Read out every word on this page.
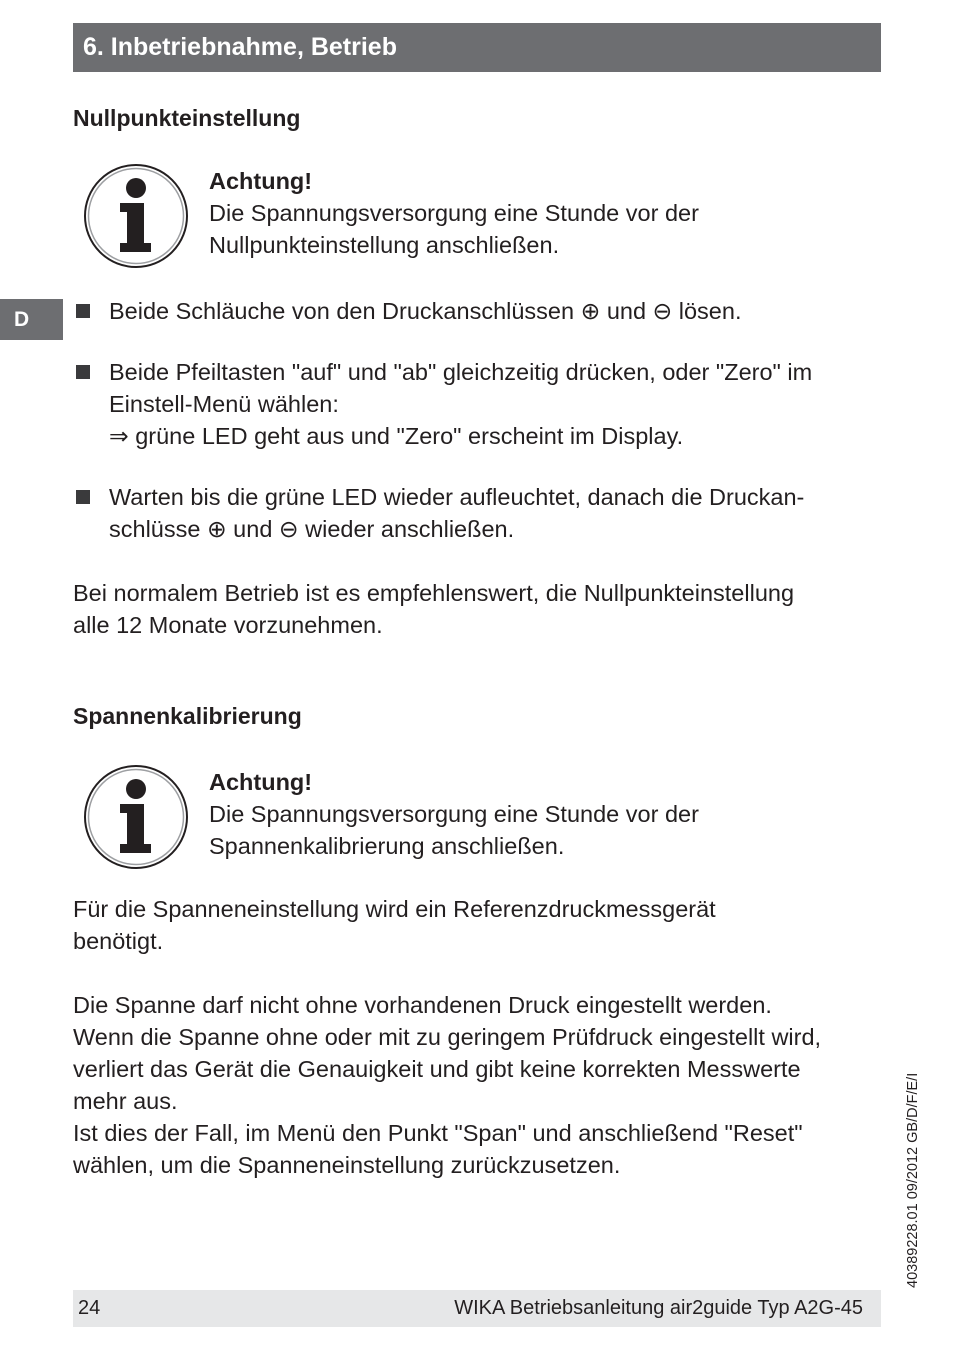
6. Inbetriebnahme, Betrieb
D
Nullpunkteinstellung
Achtung!
Die Spannungsversorgung eine Stunde vor der
Nullpunkteinstellung anschließen.
Beide Schläuche von den Druckanschlüssen ⊕ und ⊖ lösen.
Beide Pfeiltasten "auf" und "ab" gleichzeitig drücken, oder "Zero" im
Einstell-Menü wählen:
⇒ grüne LED geht aus und "Zero" erscheint im Display.
Warten bis die grüne LED wieder aufleuchtet, danach die Druckan-
schlüsse ⊕ und ⊖ wieder anschließen.
Bei normalem Betrieb ist es empfehlenswert, die Nullpunkteinstellung
alle 12 Monate vorzunehmen.
Spannenkalibrierung
Achtung!
Die Spannungsversorgung eine Stunde vor der
Spannenkalibrierung anschließen.
Für die Spanneneinstellung wird ein Referenzdruckmessgerät
benötigt.
Die Spanne darf nicht ohne vorhandenen Druck eingestellt werden.
Wenn die Spanne ohne oder mit zu geringem Prüfdruck eingestellt wird,
verliert das Gerät die Genauigkeit und gibt keine korrekten Messwerte
mehr aus.
Ist dies der Fall, im Menü den Punkt "Span" und anschließend "Reset"
wählen, um die Spanneneinstellung zurückzusetzen.	40389228.01 09/2012 GB/D/F/E/I
24	WIKA Betriebsanleitung air2guide Typ A2G-45
